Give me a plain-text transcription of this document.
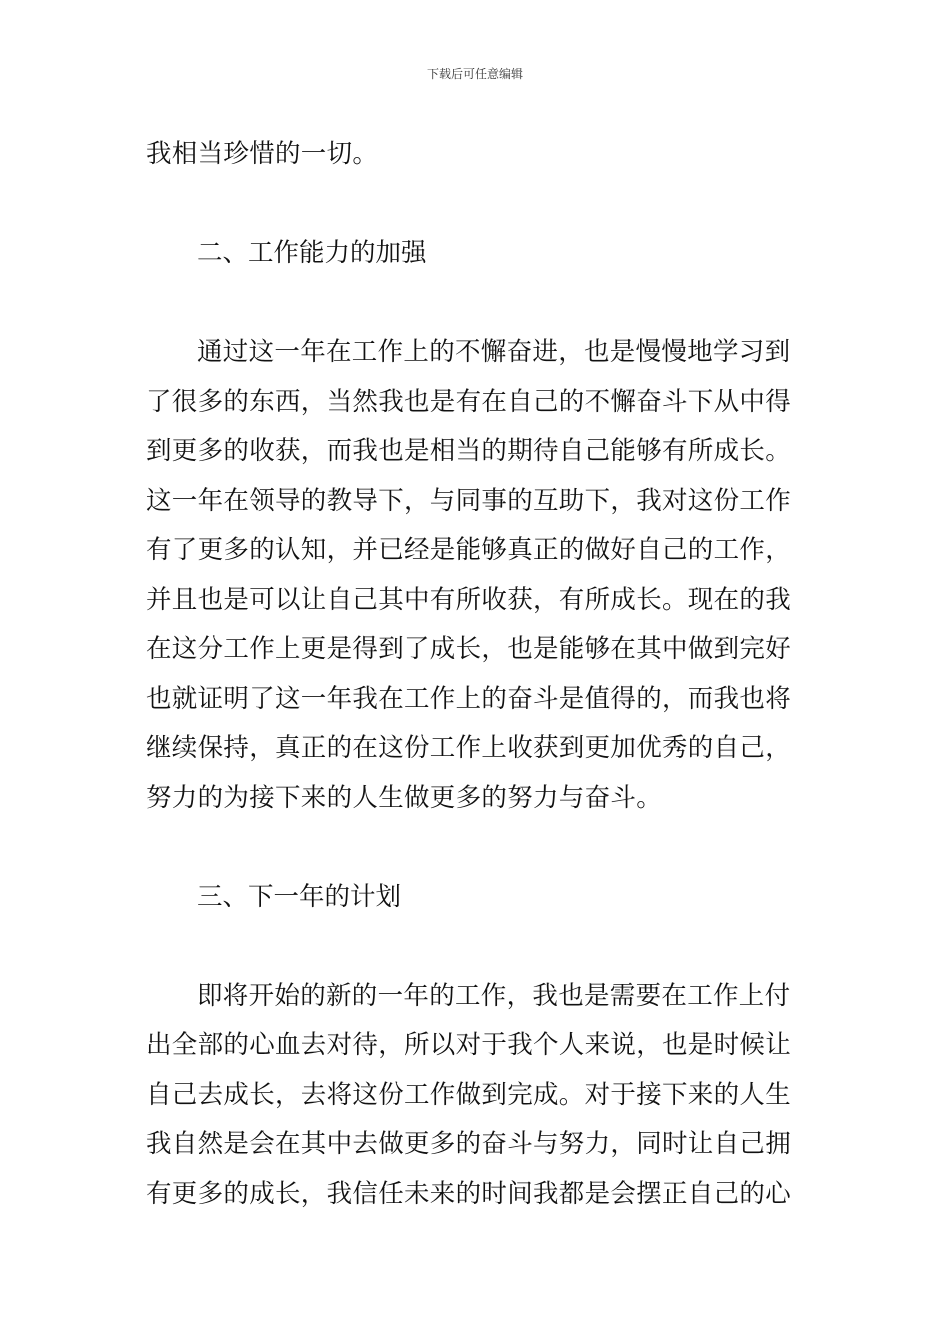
下载后可任意编辑
我相当珍惜的一切。
二、工作能力的加强
通过这一年在工作上的不懈奋进，也是慢慢地学习到
了很多的东西，当然我也是有在自己的不懈奋斗下从中得
到更多的收获，而我也是相当的期待自己能够有所成长。
这一年在领导的教导下，与同事的互助下，我对这份工作
有了更多的认知，并已经是能够真正的做好自己的工作，
并且也是可以让自己其中有所收获，有所成长。现在的我
在这分工作上更是得到了成长，也是能够在其中做到完好
也就证明了这一年我在工作上的奋斗是值得的，而我也将
继续保持，真正的在这份工作上收获到更加优秀的自己，
努力的为接下来的人生做更多的努力与奋斗。
三、下一年的计划
即将开始的新的一年的工作，我也是需要在工作上付
出全部的心血去对待，所以对于我个人来说，也是时候让
自己去成长，去将这份工作做到完成。对于接下来的人生
我自然是会在其中去做更多的奋斗与努力，同时让自己拥
有更多的成长，我信任未来的时间我都是会摆正自己的心
